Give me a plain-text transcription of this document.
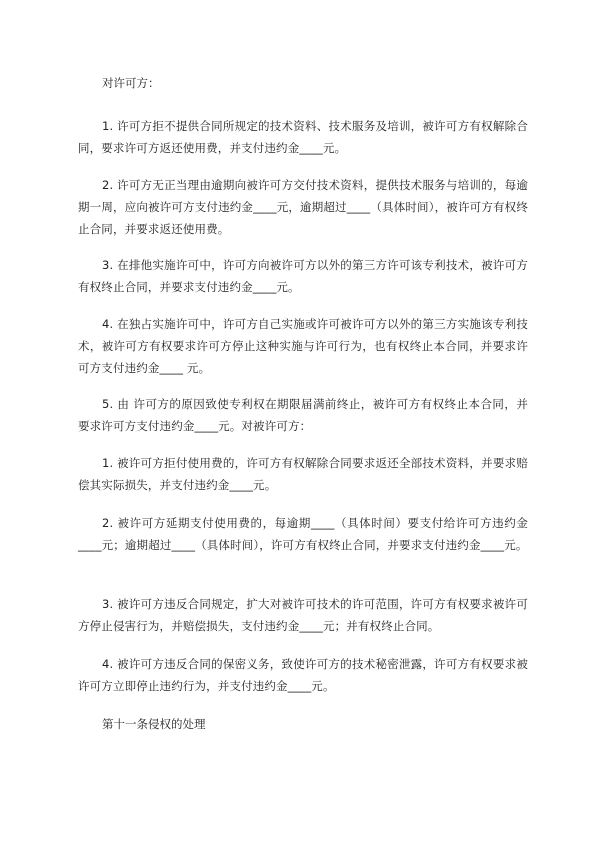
对许可方：

1. 许可方拒不提供合同所规定的技术资料、技术服务及培训，被许可方有权解除合同，要求许可方返还使用费，并支付违约金____元。

2. 许可方无正当理由逾期向被许可方交付技术资料，提供技术服务与培训的，每逾期一周，应向被许可方支付违约金____元，逾期超过____（具体时间），被许可方有权终止合同，并要求返还使用费。

3. 在排他实施许可中，许可方向被许可方以外的第三方许可该专利技术，被许可方有权终止合同，并要求支付违约金____元。

4. 在独占实施许可中，许可方自己实施或许可被许可方以外的第三方实施该专利技术，被许可方有权要求许可方停止这种实施与许可行为，也有权终止本合同，并要求许可方支付违约金____ 元。

5. 由 许可方的原因致使专利权在期限届满前终止，被许可方有权终止本合同，并要求许可方支付违约金____元。对被许可方：

1. 被许可方拒付使用费的，许可方有权解除合同要求返还全部技术资料，并要求赔偿其实际损失，并支付违约金____元。

2. 被许可方延期支付使用费的，每逾期____（具体时间）要支付给许可方违约金____元；逾期超过____（具体时间），许可方有权终止合同，并要求支付违约金____元。

3. 被许可方违反合同规定，扩大对被许可技术的许可范围，许可方有权要求被许可方停止侵害行为，并赔偿损失，支付违约金____元；并有权终止合同。

4. 被许可方违反合同的保密义务，致使许可方的技术秘密泄露，许可方有权要求被许可方立即停止违约行为，并支付违约金____元。

第十一条侵权的处理
